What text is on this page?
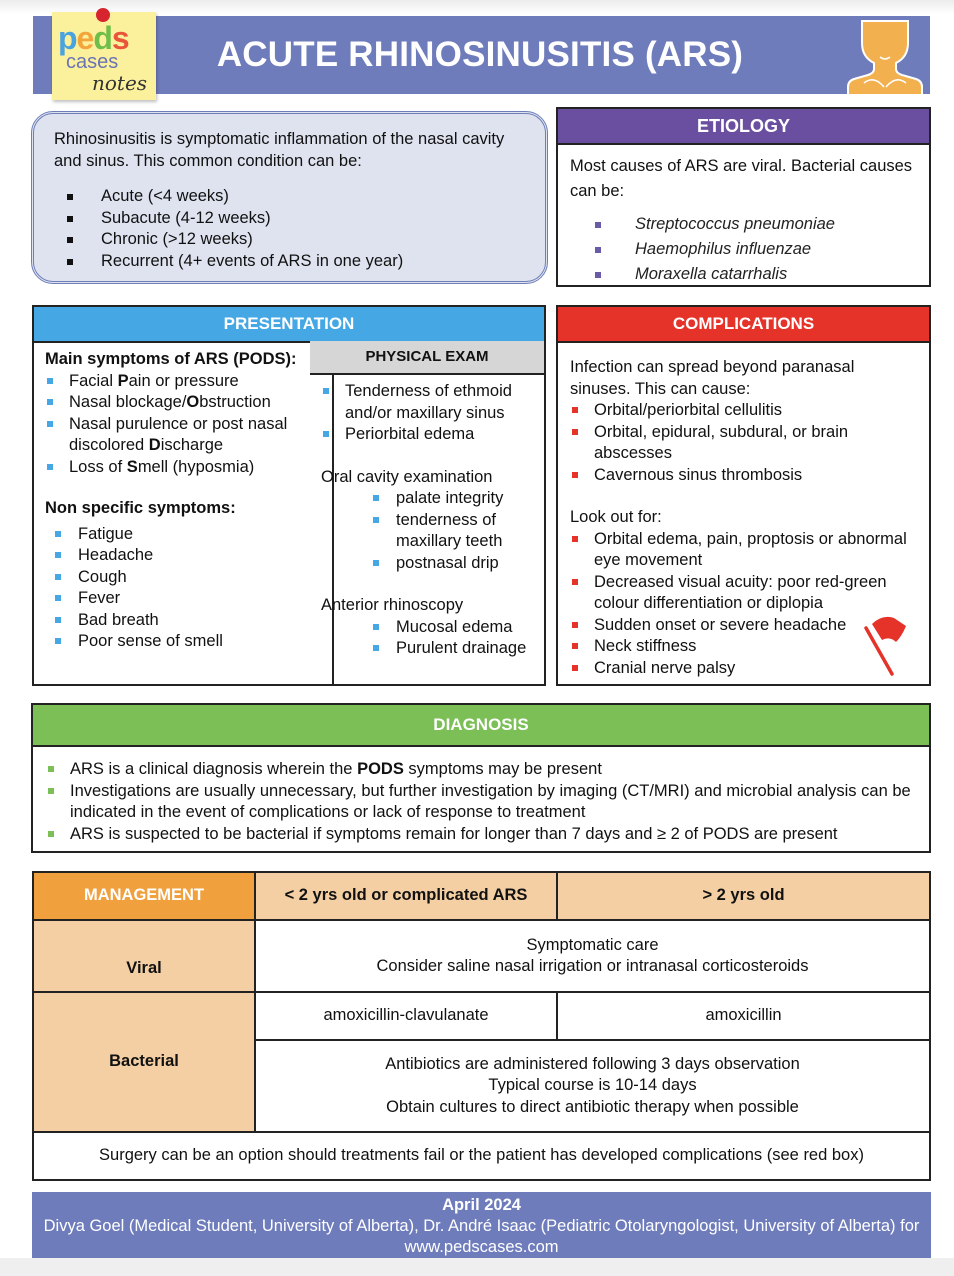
ACUTE RHINOSINUSITIS (ARS)
peds
cases
notes

Rhinosinusitis is symptomatic inflammation of the nasal cavity and sinus. This common condition can be:

Acute (<4 weeks)
Subacute (4-12 weeks)
Chronic (>12 weeks)
Recurrent (4+ events of ARS in one year)
ETIOLOGY
Most causes of ARS are viral. Bacterial causes can be:
Streptococcus pneumoniae
Haemophilus influenzae
Moraxella catarrhalis
PRESENTATION
Main symptoms of ARS (PODS):
Facial Pain or pressure
Nasal blockage/Obstruction
Nasal purulence or post nasal discolored Discharge
Loss of Smell (hyposmia)
Non specific symptoms:
Fatigue
Headache
Cough
Fever
Bad breath
Poor sense of smell
PHYSICAL EXAM
Tenderness of ethmoid and/or maxillary sinus
Periorbital edema
Oral cavity examination
palate integrity
tenderness of maxillary teeth
postnasal drip
Anterior rhinoscopy
Mucosal edema
Purulent drainage
COMPLICATIONS
Infection can spread beyond paranasal sinuses. This can cause:
Orbital/periorbital cellulitis
Orbital, epidural, subdural, or brain abscesses
Cavernous sinus thrombosis
Look out for:
Orbital edema, pain, proptosis or abnormal eye movement
Decreased visual acuity: poor red-green colour differentiation or diplopia
Sudden onset or severe headache
Neck stiffness
Cranial nerve palsy
DIAGNOSIS
ARS is a clinical diagnosis wherein the PODS symptoms may be present
Investigations are usually unnecessary, but further investigation by imaging (CT/MRI) and microbial analysis can be indicated in the event of complications or lack of response to treatment
ARS is suspected to be bacterial if symptoms remain for longer than 7 days and ≥ 2 of PODS are present
MANAGEMENT	< 2 yrs old or complicated ARS	> 2 yrs old
Viral	Symptomatic care
Consider saline nasal irrigation or intranasal corticosteroids	

Bacterial	amoxicillin-clavulanate	amoxicillin

	Antibiotics are administered following 3 days observation
Typical course is 10-14 days
Obtain cultures to direct antibiotic therapy when possible	

Surgery can be an option should treatments fail or the patient has developed complications (see red box)		
April 2024
Divya Goel (Medical Student, University of Alberta), Dr. André Isaac (Pediatric Otolaryngologist, University of Alberta) for www.pedscases.com
